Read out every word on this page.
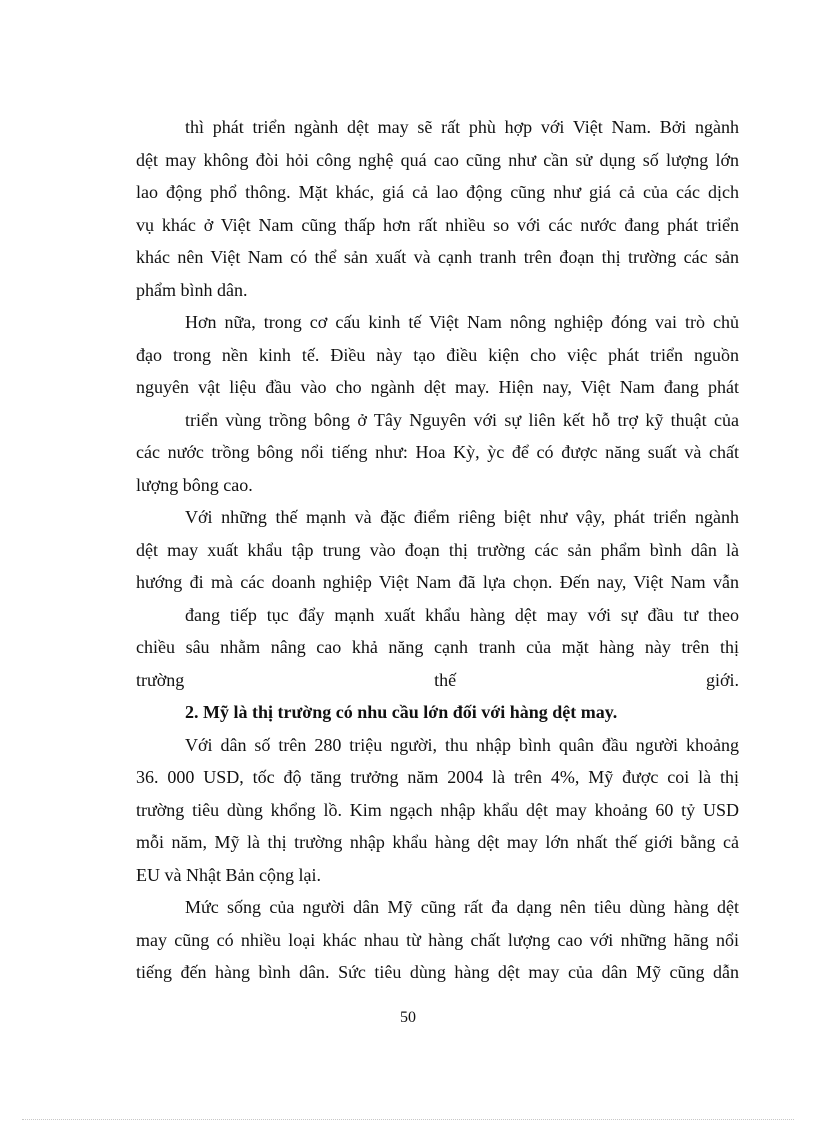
thì phát triển ngành dệt may sẽ rất phù hợp với Việt Nam. Bởi ngành
dệt may không đòi hỏi công nghệ quá cao cũng như cần sử dụng số lượng lớn
lao động phổ thông. Mặt khác, giá cả lao động cũng như giá cả của các dịch
vụ khác ở Việt Nam cũng thấp hơn rất nhiều so với các nước đang phát triển
khác nên Việt Nam có thể sản xuất và cạnh tranh trên đoạn thị trường các sản
phẩm bình dân.
Hơn nữa, trong cơ cấu kinh tế Việt Nam nông nghiệp đóng vai trò chủ
đạo trong nền kinh tế. Điều này tạo điều kiện cho việc phát triển nguồn
nguyên vật liệu đầu vào cho ngành dệt may. Hiện nay, Việt Nam đang phát
triển vùng trồng bông ở Tây Nguyên với sự liên kết hỗ trợ kỹ thuật của
các nước trồng bông nổi tiếng như: Hoa Kỳ, ỳc để có được năng suất và chất
lượng bông cao.
Với những thế mạnh và đặc điểm riêng biệt như vậy, phát triển ngành
dệt may xuất khẩu tập trung vào đoạn thị trường các sản phẩm bình dân là
hướng đi mà các doanh nghiệp Việt Nam đã lựa chọn. Đến nay, Việt Nam vẫn
đang tiếp tục đẩy mạnh xuất khẩu hàng dệt may với sự đầu tư theo
chiều sâu nhằm nâng cao khả năng cạnh tranh của mặt hàng này trên thị
trường thế giới.
2. Mỹ là thị trường có nhu cầu lớn đối với hàng dệt may.
Với dân số trên 280 triệu người, thu nhập bình quân đầu người khoảng
36. 000 USD, tốc độ tăng trưởng năm 2004 là trên 4%, Mỹ được coi là thị
trường tiêu dùng khổng lồ. Kim ngạch nhập khẩu dệt may khoảng 60 tỷ USD
mỗi năm, Mỹ là thị trường nhập khẩu hàng dệt may lớn nhất thế giới bằng cả
EU và Nhật Bản cộng lại.
Mức sống của người dân Mỹ cũng rất đa dạng nên tiêu dùng hàng dệt
may cũng có nhiều loại khác nhau từ hàng chất lượng cao với những hãng nổi
tiếng đến hàng bình dân. Sức tiêu dùng hàng dệt may của dân Mỹ cũng dẫn
50
